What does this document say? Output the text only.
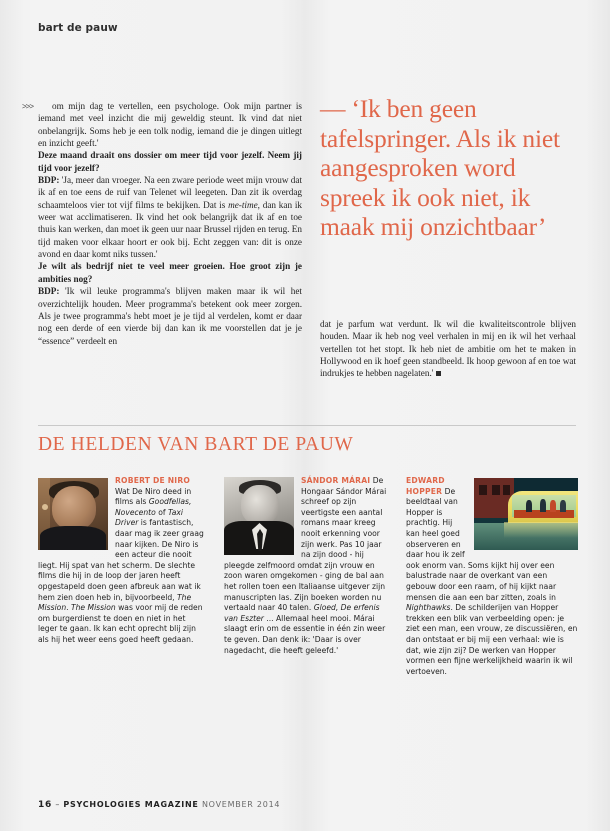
bart de pauw
>>>	om mijn dag te vertellen, een psychologe. Ook mijn partner is iemand met veel inzicht die mij geweldig steunt. Ik vind dat niet onbelangrijk. Soms heb je een tolk nodig, iemand die je dingen uitlegt en inzicht geeft.'

Deze maand draait ons dossier om meer tijd voor jezelf. Neem jij tijd voor jezelf?

BDP: 'Ja, meer dan vroeger. Na een zware periode weet mijn vrouw dat ik af en toe eens de ruif van Telenet wil leegeten. Dan zit ik overdag schaamteloos vier tot vijf films te bekijken. Dat is me-time, dan kan ik weer wat acclimatiseren. Ik vind het ook belangrijk dat ik af en toe thuis kan werken, dan moet ik geen uur naar Brussel rijden en terug. En tijd maken voor elkaar hoort er ook bij. Echt zeggen van: dit is onze avond en daar komt niks tussen.'

Je wilt als bedrijf niet te veel meer groeien. Hoe groot zijn je ambities nog?

BDP: 'Ik wil leuke programma's blijven maken maar ik wil het overzichtelijk houden. Meer programma's betekent ook meer zorgen. Als je twee programma's hebt moet je je tijd al verdelen, komt er daar nog een derde of een vierde bij dan kan ik me voorstellen dat je je “essence” verdeelt en

— ‘Ik ben geen tafelspringer. Als ik niet aangesproken word spreek ik ook niet, ik maak mij onzichtbaar’

dat je parfum wat verdunt. Ik wil die kwaliteitscontrole blijven houden. Maar ik heb nog veel verhalen in mij en ik wil het verhaal vertellen tot het stopt. Ik heb niet de ambitie om het te maken in Hollywood en ik hoef geen standbeeld. Ik hoop gewoon af en toe wat indrukjes te hebben nagelaten.'

DE HELDEN VAN BART DE PAUW
ROBERT DE NIRO Wat De Niro deed in films als Goodfellas, Novecento of Taxi Driver is fantastisch, daar mag ik zeer graag naar kijken. De Niro is een acteur die nooit liegt. Hij spat van het scherm. De slechte films die hij in de loop der jaren heeft opgestapeld doen geen afbreuk aan wat ik hem zien doen heb in, bijvoorbeeld, The Mission. The Mission was voor mij de reden om burgerdienst te doen en niet in het leger te gaan. Ik kan echt oprecht blij zijn als hij het weer eens goed heeft gedaan.
SÁNDOR MÁRAI De Hongaar Sándor Márai schreef op zijn veertigste een aantal romans maar kreeg nooit erkenning voor zijn werk. Pas 10 jaar na zijn dood - hij pleegde zelfmoord omdat zijn vrouw en zoon waren omgekomen - ging de bal aan het rollen toen een Italiaanse uitgever zijn manuscripten las. Zijn boeken worden nu vertaald naar 40 talen. Gloed, De erfenis van Eszter ... Allemaal heel mooi. Márai slaagt erin om de essentie in één zin weer te geven. Dan denk ik: 'Daar is over nagedacht, die heeft geleefd.'
EDWARD HOPPER De beeldtaal van Hopper is prachtig. Hij kan heel goed observeren en daar hou ik zelf ook enorm van. Soms kijkt hij over een balustrade naar de overkant van een gebouw door een raam, of hij kijkt naar mensen die aan een bar zitten, zoals in Nighthawks. De schilderijen van Hopper trekken een blik van verbeelding open: je ziet een man, een vrouw, ze discussiëren, en dan ontstaat er bij mij een verhaal: wie is dat, wie zijn zij? De werken van Hopper vormen een fijne werkelijkheid waarin ik wil vertoeven.
16 – PSYCHOLOGIES MAGAZINE NOVEMBER 2014
